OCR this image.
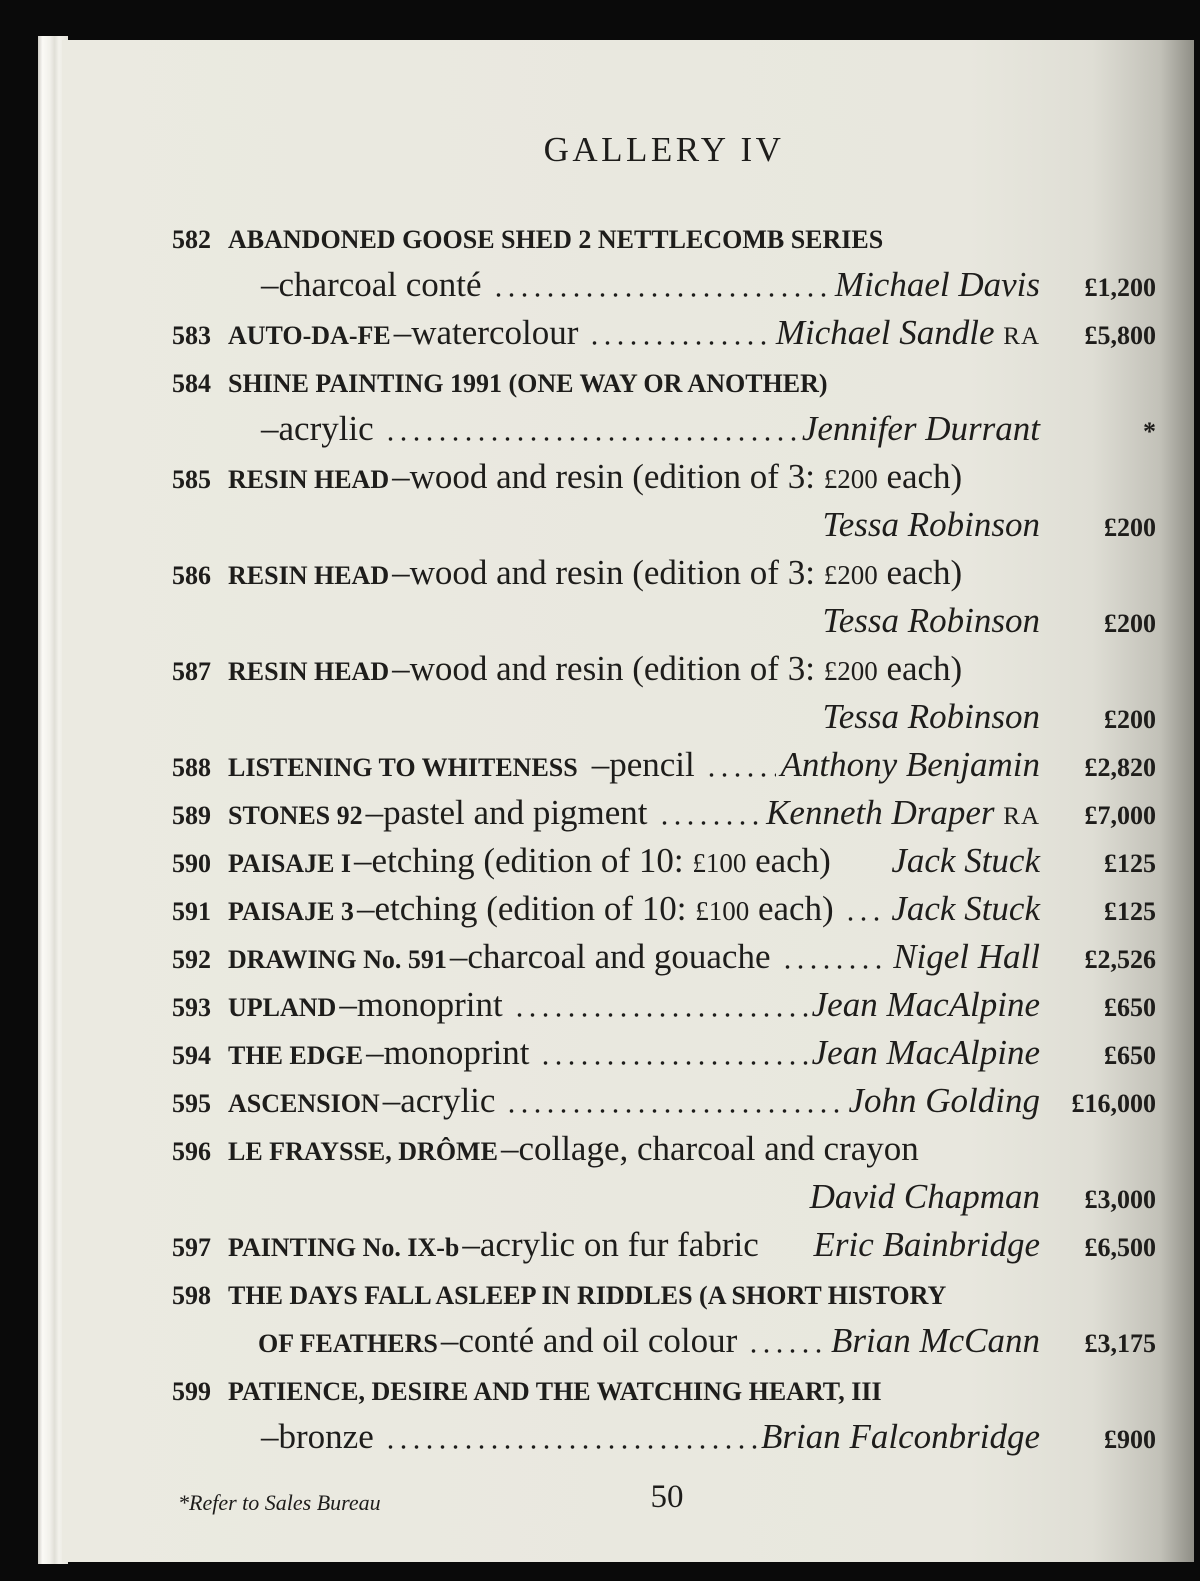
GALLERY IV
582 ABANDONED GOOSE SHED 2 NETTLECOMB SERIES
–charcoal conté	Michael Davis	£1,200
583 AUTO-DA-FE–watercolour	Michael Sandle RA	£5,800
584 SHINE PAINTING 1991 (ONE WAY OR ANOTHER)
–acrylic	Jennifer Durrant	*
585 RESIN HEAD–wood and resin (edition of 3: £200 each)
Tessa Robinson	£200
586 RESIN HEAD–wood and resin (edition of 3: £200 each)
Tessa Robinson	£200
587 RESIN HEAD–wood and resin (edition of 3: £200 each)
Tessa Robinson	£200
588 LISTENING TO WHITENESS –pencil Anthony Benjamin	£2,820
589 STONES 92–pastel and pigment	Kenneth Draper RA	£7,000
590 PAISAJE I–etching (edition of 10: £100 each) Jack Stuck	£125
591 PAISAJE 3–etching (edition of 10: £100 each) Jack Stuck	£125
592 DRAWING No. 591–charcoal and gouache	Nigel Hall	£2,526
593 UPLAND–monoprint	Jean MacAlpine	£650
594 THE EDGE–monoprint	Jean MacAlpine	£650
595 ASCENSION–acrylic	John Golding	£16,000
596 LE FRAYSSE, DRÔME–collage, charcoal and crayon
David Chapman	£3,000
597 PAINTING No. IX-b–acrylic on fur fabric Eric Bainbridge	£6,500
598 THE DAYS FALL ASLEEP IN RIDDLES (A SHORT HISTORY
OF FEATHERS–conté and oil colour	Brian McCann	£3,175
599 PATIENCE, DESIRE AND THE WATCHING HEART, III
–bronze	Brian Falconbridge	£900
*Refer to Sales Bureau	50
